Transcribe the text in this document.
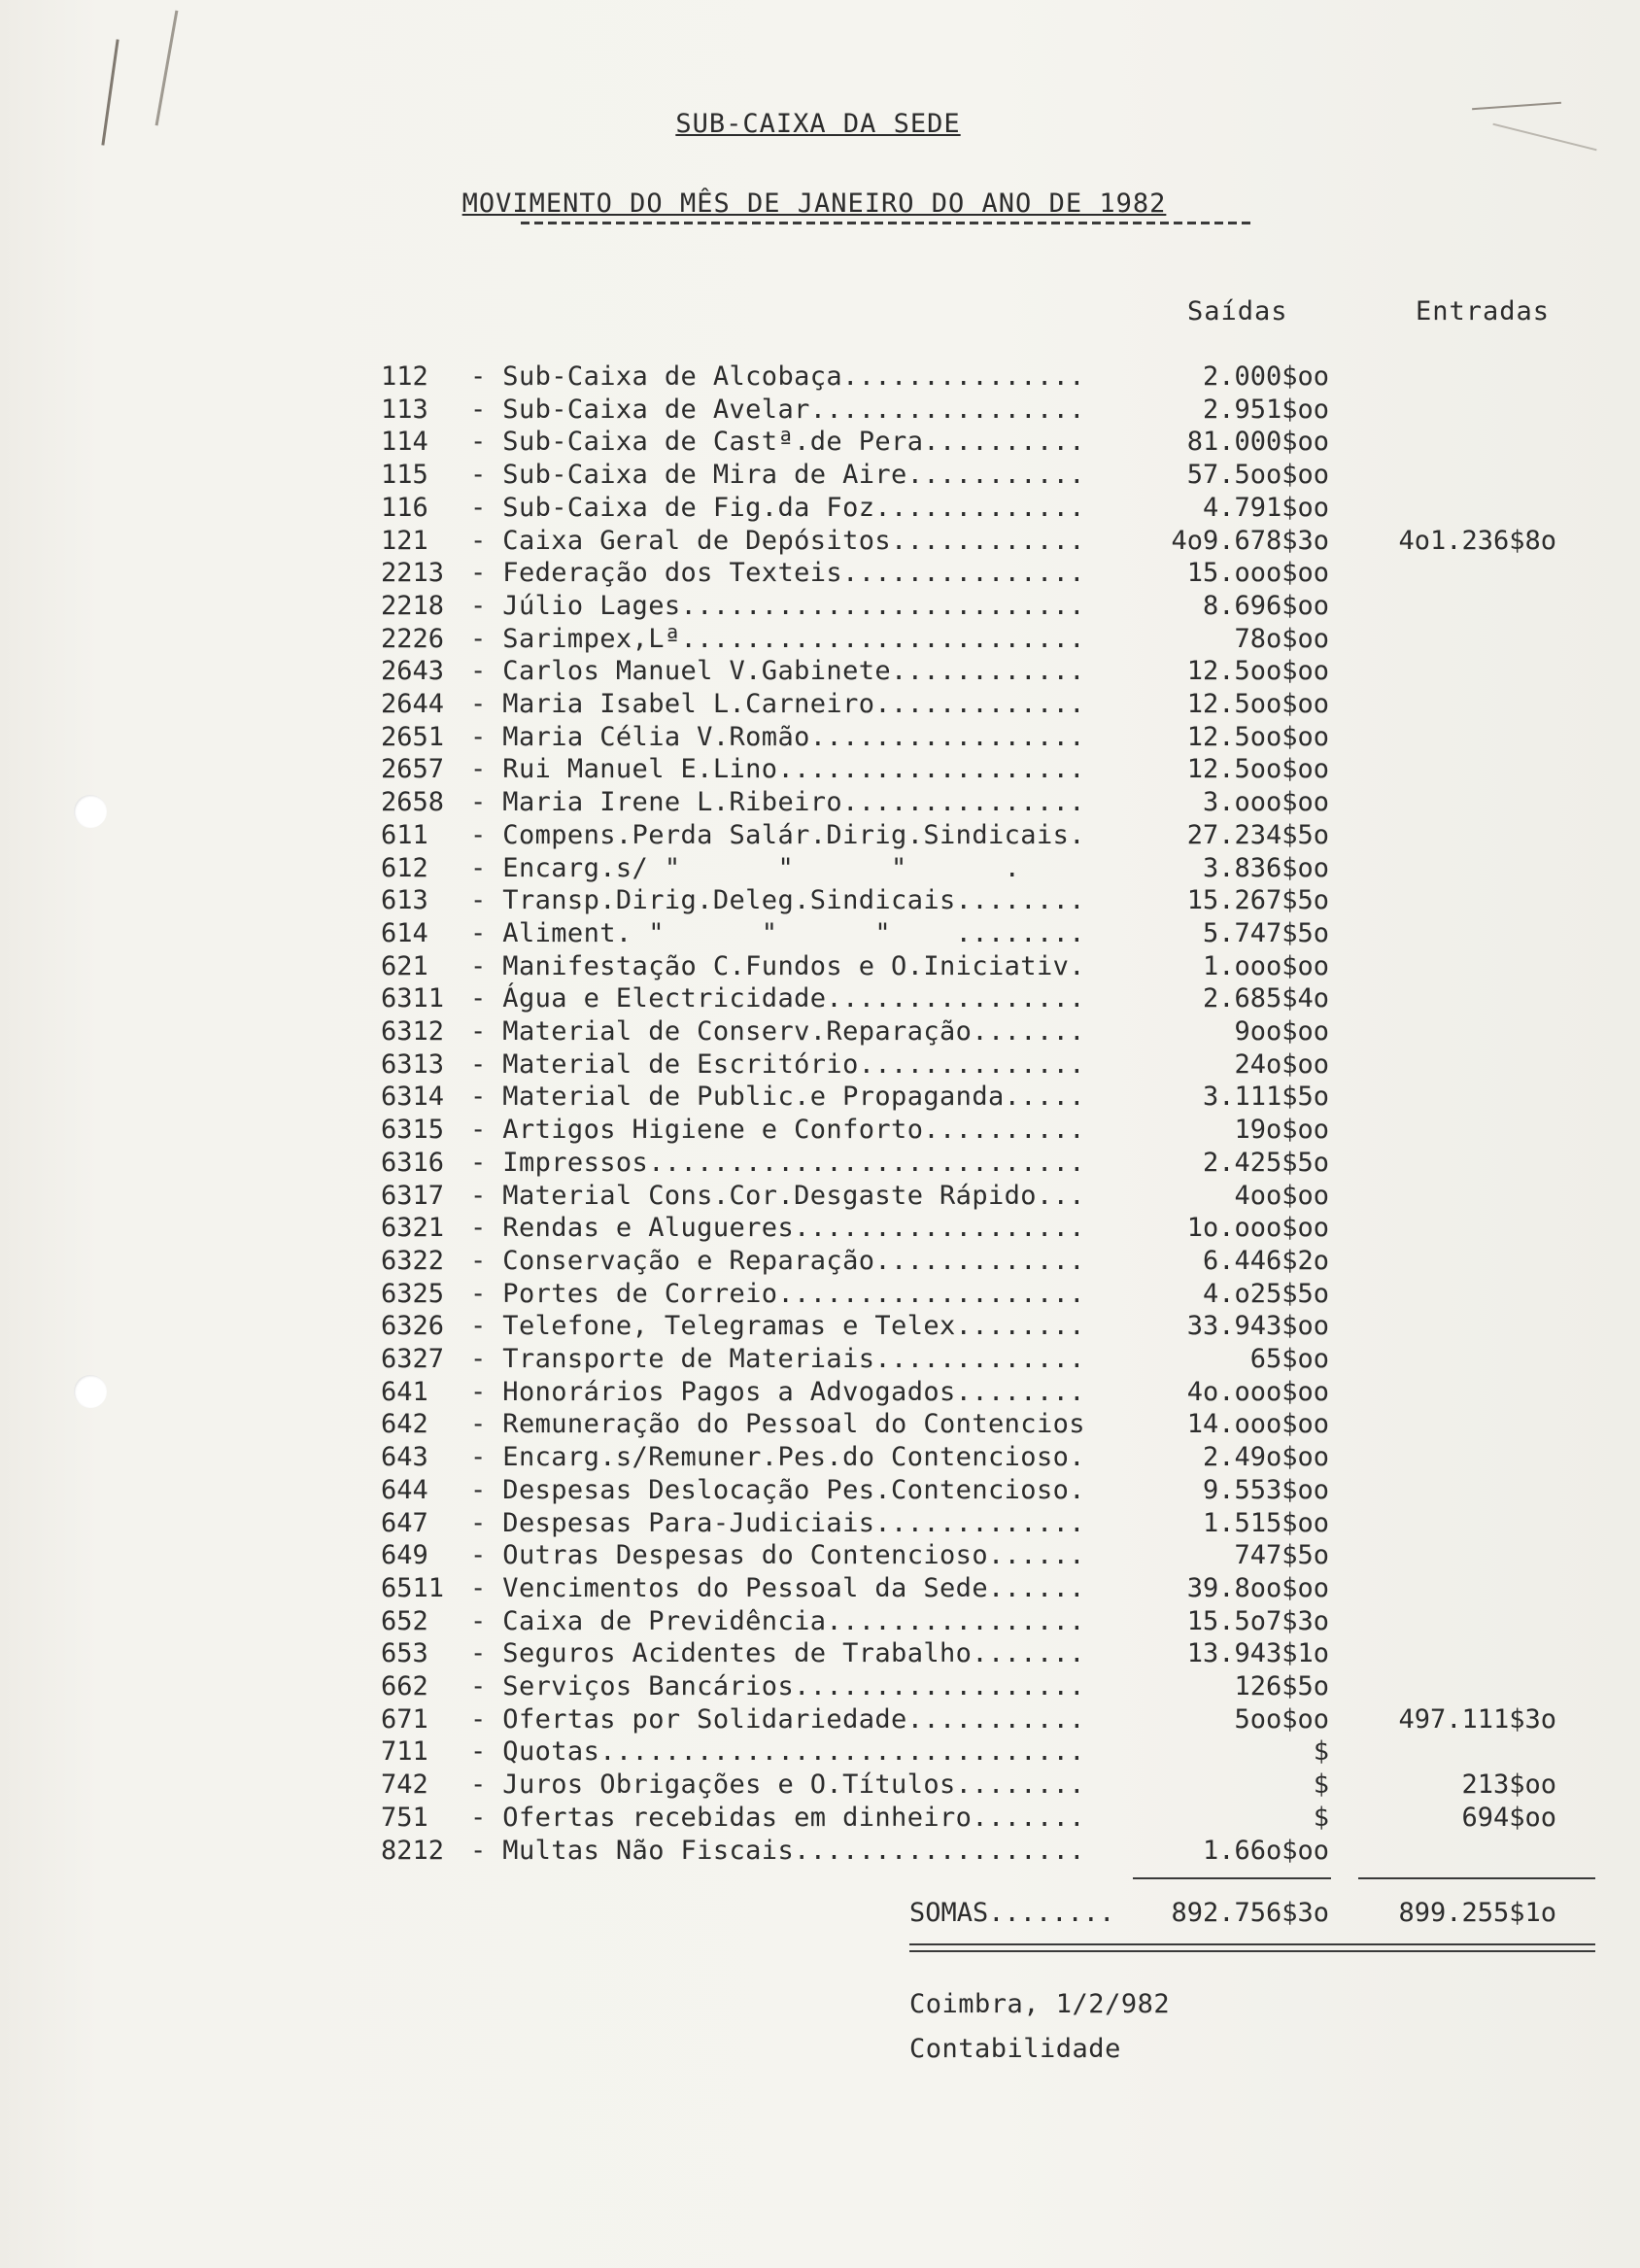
SUB-CAIXA DA SEDE
MOVIMENTO DO MÊS DE JANEIRO DO ANO DE 1982
Saídas	Entradas
112	- Sub-Caixa de Alcobaça...............	2.000$oo
113	- Sub-Caixa de Avelar.................	2.951$oo
114	- Sub-Caixa de Castª.de Pera..........	81.000$oo
115	- Sub-Caixa de Mira de Aire...........	57.5oo$oo
116	- Sub-Caixa de Fig.da Foz.............	4.791$oo
121	- Caixa Geral de Depósitos............	4o9.678$3o	4o1.236$8o
2213 - Federação dos Texteis...............	15.ooo$oo
2218 - Júlio Lages.........................	8.696$oo
2226 - Sarimpex,Lª.........................	78o$oo
2643 - Carlos Manuel V.Gabinete............	12.5oo$oo
2644 - Maria Isabel L.Carneiro.............	12.5oo$oo
2651 - Maria Célia V.Romão.................	12.5oo$oo
2657 - Rui Manuel E.Lino...................	12.5oo$oo
2658 - Maria Irene L.Ribeiro...............	3.ooo$oo
611	- Compens.Perda Salár.Dirig.Sindicais.	27.234$5o
612	- Encarg.s/ "      "      "      .	3.836$oo
613	- Transp.Dirig.Deleg.Sindicais........	15.267$5o
614	- Aliment. "      "      "    ........	5.747$5o
621	- Manifestação C.Fundos e O.Iniciativ.	1.ooo$oo
6311 - Água e Electricidade................	2.685$4o
6312 - Material de Conserv.Reparação.......	9oo$oo
6313 - Material de Escritório..............	24o$oo
6314 - Material de Public.e Propaganda.....	3.111$5o
6315 - Artigos Higiene e Conforto..........	19o$oo
6316 - Impressos...........................	2.425$5o
6317 - Material Cons.Cor.Desgaste Rápido...	4oo$oo
6321 - Rendas e Alugueres..................	1o.ooo$oo
6322 - Conservação e Reparação.............	6.446$2o
6325 - Portes de Correio...................	4.o25$5o
6326 - Telefone, Telegramas e Telex........	33.943$oo
6327 - Transporte de Materiais.............	65$oo
641	- Honorários Pagos a Advogados........	4o.ooo$oo
642	- Remuneração do Pessoal do Contencios	14.ooo$oo
643	- Encarg.s/Remuner.Pes.do Contencioso.	2.49o$oo
644	- Despesas Deslocação Pes.Contencioso.	9.553$oo
647	- Despesas Para-Judiciais.............	1.515$oo
649	- Outras Despesas do Contencioso......	747$5o
6511 - Vencimentos do Pessoal da Sede......	39.8oo$oo
652	- Caixa de Previdência................	15.5o7$3o
653	- Seguros Acidentes de Trabalho.......	13.943$1o
662	- Serviços Bancários..................	126$5o
671	- Ofertas por Solidariedade...........	5oo$oo	497.111$3o
711	- Quotas..............................	$
742	- Juros Obrigações e O.Títulos........	$	213$oo
751	- Ofertas recebidas em dinheiro.......	$	694$oo
8212 - Multas Não Fiscais..................	1.66o$oo
SOMAS........	892.756$3o	899.255$1o
Coimbra, 1/2/982
Contabilidade
